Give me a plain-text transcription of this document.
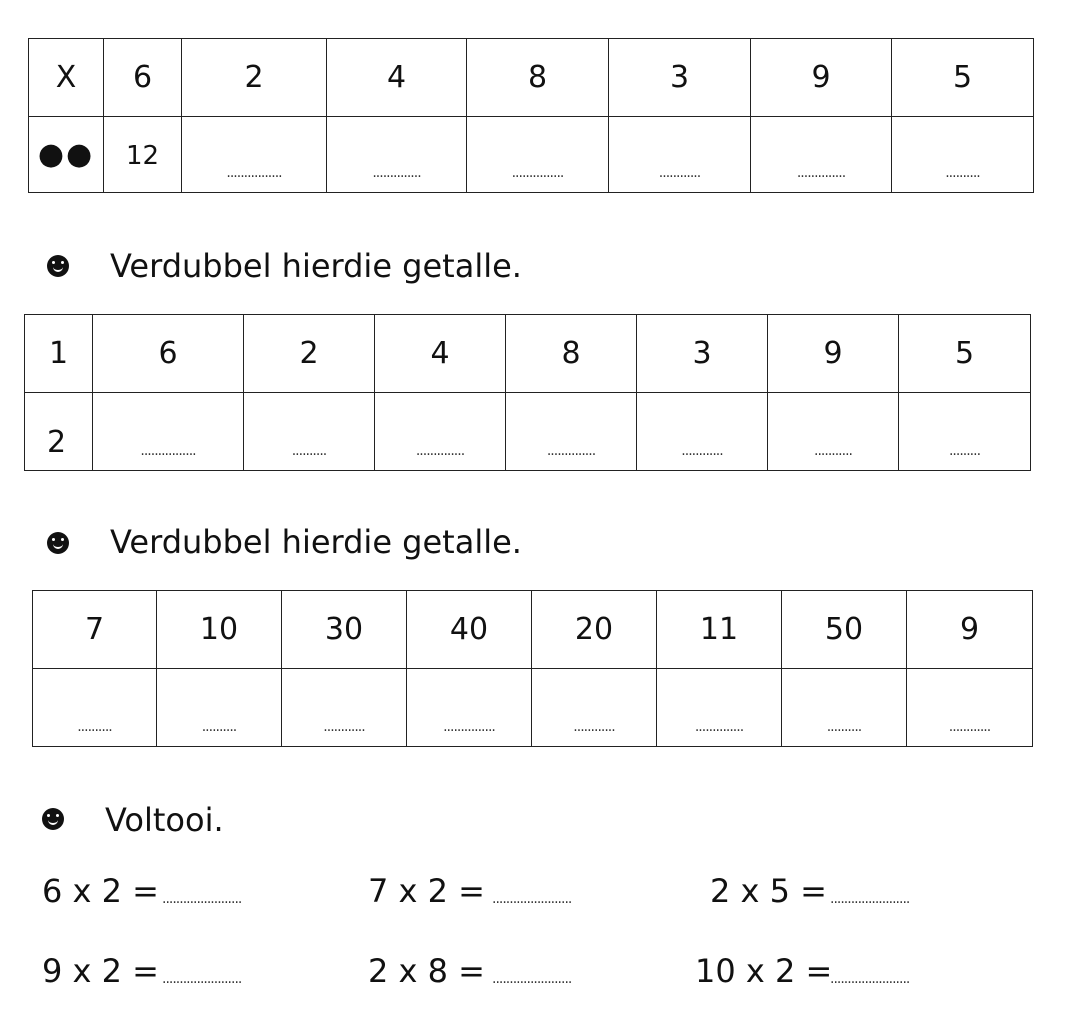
X	6	2	4	8	3	9	5
●●	12	................	..............	...............	............	..............	..........
Verdubbel hierdie getalle.
1	6	2	4	8	3	9	5
2	................	..........	..............	..............	............	...........	.........
Verdubbel hierdie getalle.
7	10	30	40	20	11	50	9

..........	..........	............	...............	............	..............	..........	............
Voltooi.
6 x 2 = .......................	7 x 2 = .......................	2 x 5 = .......................
9 x 2 = .......................	2 x 8 = .......................	10 x 2 =
.......................
